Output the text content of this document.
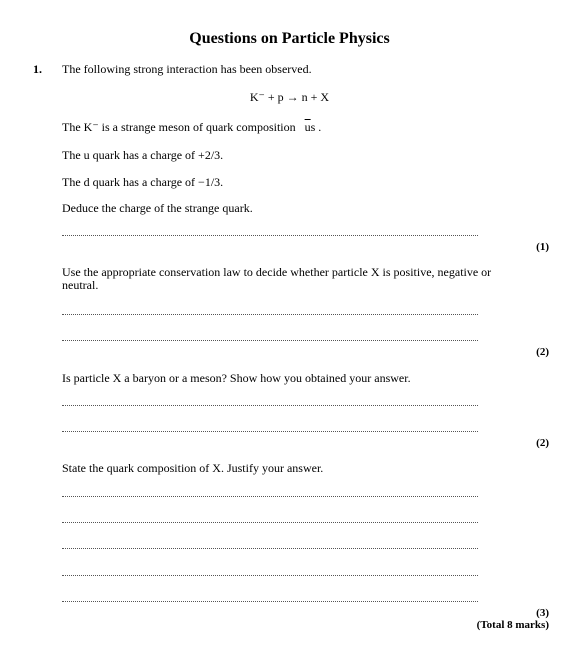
Questions on Particle Physics
1. The following strong interaction has been observed.
K⁻ + p → n + X
The K⁻ is a strange meson of quark composition $\overline{u}s$ .
The u quark has a charge of +2/3.
The d quark has a charge of −1/3.
Deduce the charge of the strange quark.
(1)
Use the appropriate conservation law to decide whether particle X is positive, negative or neutral.
(2)
Is particle X a baryon or a meson? Show how you obtained your answer.
(2)
State the quark composition of X. Justify your answer.
(3)
(Total 8 marks)
